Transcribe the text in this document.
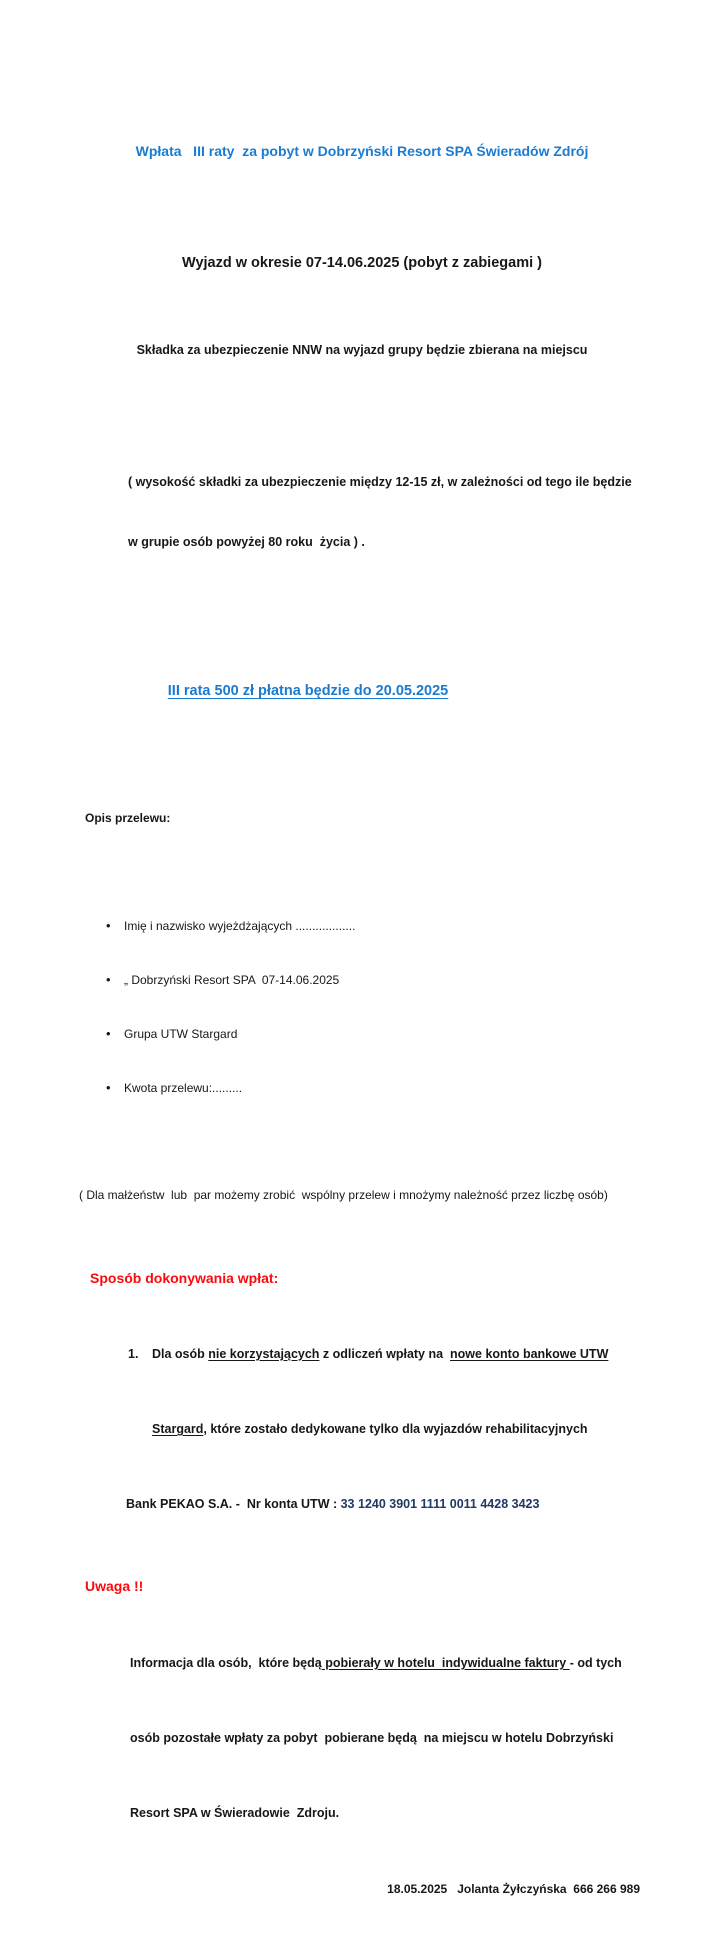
Wpłata   III raty  za pobyt w Dobrzyński Resort SPA Świeradów Zdrój

Wyjazd w okresie 07-14.06.2025 (pobyt z zabiegami )

Składka za ubezpieczenie NNW na wyjazd grupy będzie zbierana na miejscu

( wysokość składki za ubezpieczenie między 12-15 zł, w zależności od tego ile będzie

w grupie osób powyżej 80 roku  życia ) .

III rata 500 zł płatna będzie do 20.05.2025

Opis przelewu:

• Imię i nazwisko wyjeżdżających ..................

• „ Dobrzyński Resort SPA  07-14.06.2025

• Grupa UTW Stargard

• Kwota przelewu:.........

( Dla małżeństw  lub  par możemy zrobić  wspólny przelew i mnożymy należność przez liczbę osób)

Sposób dokonywania wpłat:

1. Dla osób nie korzystających z odliczeń wpłaty na  nowe konto bankowe UTW

Stargard, które zostało dedykowane tylko dla wyjazdów rehabilitacyjnych

Bank PEKAO S.A. -  Nr konta UTW : 33 1240 3901 1111 0011 4428 3423

Uwaga !!

Informacja dla osób,  które będą pobierały w hotelu  indywidualne faktury - od tych

osób pozostałe wpłaty za pobyt  pobierane będą  na miejscu w hotelu Dobrzyński

Resort SPA w Świeradowie  Zdroju.

18.05.2025   Jolanta Żyłczyńska  666 266 989
